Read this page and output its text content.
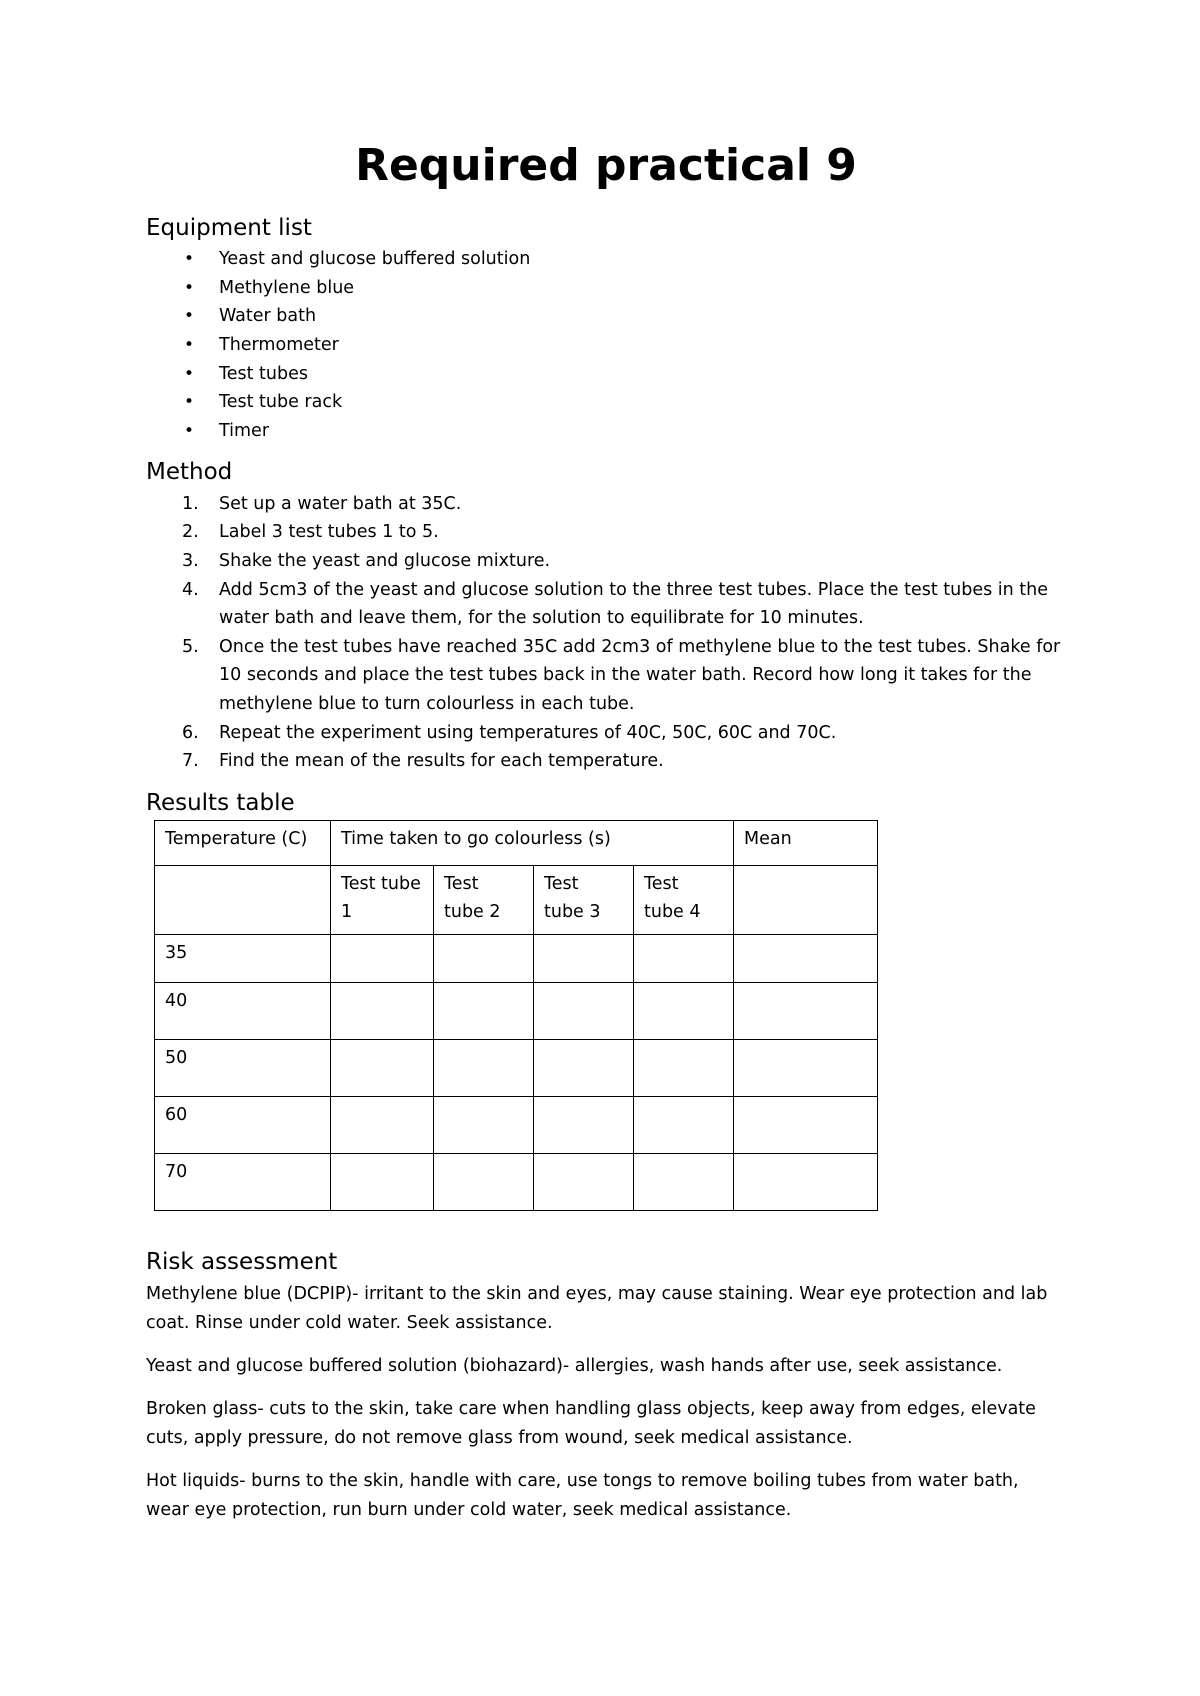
Required practical 9
Equipment list
• Yeast and glucose buffered solution
• Methylene blue
• Water bath
• Thermometer
• Test tubes
• Test tube rack
• Timer
Method
1. Set up a water bath at 35C.
2. Label 3 test tubes 1 to 5.
3. Shake the yeast and glucose mixture.
4. Add 5cm3 of the yeast and glucose solution to the three test tubes. Place the test tubes in the water bath and leave them, for the solution to equilibrate for 10 minutes.
5. Once the test tubes have reached 35C add 2cm3 of methylene blue to the test tubes. Shake for 10 seconds and place the test tubes back in the water bath. Record how long it takes for the methylene blue to turn colourless in each tube.
6. Repeat the experiment using temperatures of 40C, 50C, 60C and 70C.
7. Find the mean of the results for each temperature.
Results table
Temperature (C)	Time taken to go colourless (s)				Mean
	Test tube 1	Test tube 2	Test tube 3	Test tube 4	
35					
40					
50					
60					
70					
Risk assessment

Methylene blue (DCPIP)- irritant to the skin and eyes, may cause staining. Wear eye protection and lab coat. Rinse under cold water. Seek assistance.

Yeast and glucose buffered solution (biohazard)- allergies, wash hands after use, seek assistance.

Broken glass- cuts to the skin, take care when handling glass objects, keep away from edges, elevate cuts, apply pressure, do not remove glass from wound, seek medical assistance.

Hot liquids- burns to the skin, handle with care, use tongs to remove boiling tubes from water bath, wear eye protection, run burn under cold water, seek medical assistance.
